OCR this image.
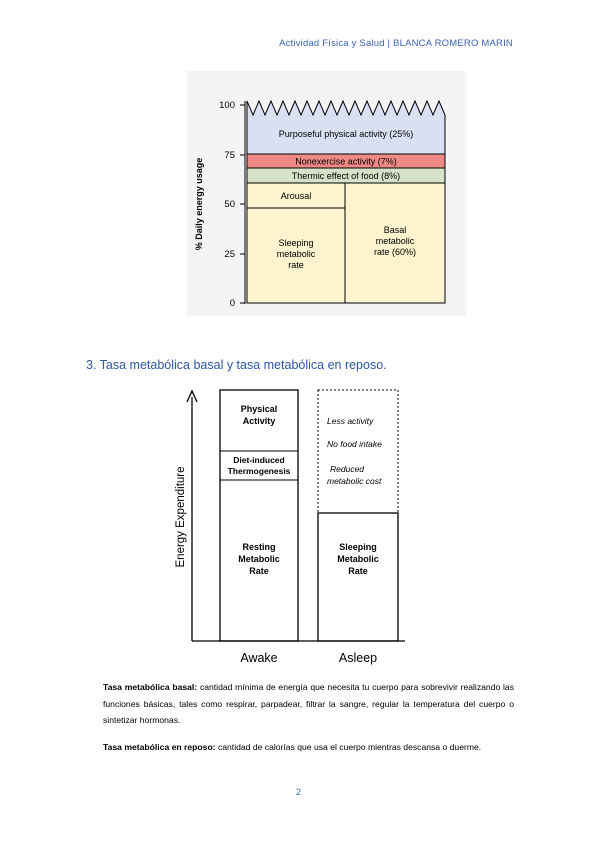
Actividad Física y Salud | BLANCA ROMERO MARIN
% Daily energy usage
100
75
50
25
0
Purposeful physical activity (25%)
Nonexercise activity (7%)
Thermic effect of food (8%)
Arousal
Sleeping
metabolic
rate
Basal
metabolic
rate (60%)
3. Tasa metabólica basal y tasa metabólica en reposo.
Energy Expenditure
Physical
Activity
Diet-induced
Thermogenesis
Resting
Metabolic
Rate
Less activity
No food intake
Reduced
metabolic cost
Sleeping
Metabolic
Rate
Awake	Asleep

Tasa metabólica basal: cantidad mínima de energía que necesita tu cuerpo para sobrevivir realizando las funciones básicas, tales como respirar, parpadear, filtrar la sangre, regular la temperatura del cuerpo o sintetizar hormonas.

Tasa metabólica en reposo: cantidad de calorías que usa el cuerpo mientras descansa o duerme.

2
